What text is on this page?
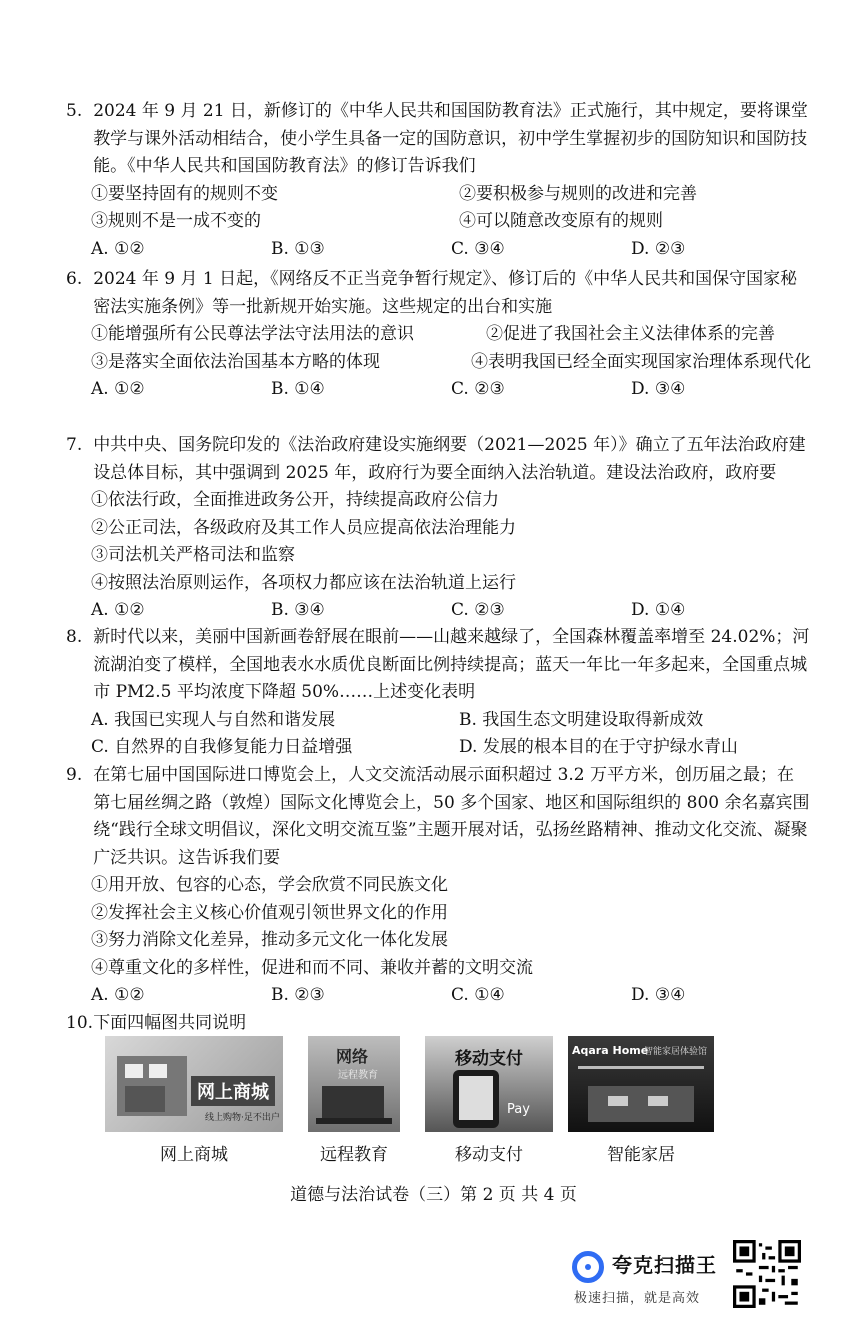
5. 2024 年 9 月 21 日，新修订的《中华人民共和国国防教育法》正式施行，其中规定，要将课堂教学与课外活动相结合，使小学生具备一定的国防意识，初中学生掌握初步的国防知识和国防技能。《中华人民共和国国防教育法》的修订告诉我们
①要坚持固有的规则不变	②要积极参与规则的改进和完善
③规则不是一成不变的	④可以随意改变原有的规则
A. ①②	B. ①③	C. ③④	D. ②③
6. 2024 年 9 月 1 日起，《网络反不正当竞争暂行规定》、修订后的《中华人民共和国保守国家秘密法实施条例》等一批新规开始实施。这些规定的出台和实施
①能增强所有公民尊法学法守法用法的意识	②促进了我国社会主义法律体系的完善
③是落实全面依法治国基本方略的体现	④表明我国已经全面实现国家治理体系现代化
A. ①②	B. ①④	C. ②③	D. ③④
7. 中共中央、国务院印发的《法治政府建设实施纲要（2021—2025 年）》确立了五年法治政府建设总体目标，其中强调到 2025 年，政府行为要全面纳入法治轨道。建设法治政府，政府要
①依法行政，全面推进政务公开，持续提高政府公信力
②公正司法，各级政府及其工作人员应提高依法治理能力
③司法机关严格司法和监察
④按照法治原则运作，各项权力都应该在法治轨道上运行
A. ①②	B. ③④	C. ②③	D. ①④
8. 新时代以来，美丽中国新画卷舒展在眼前——山越来越绿了，全国森林覆盖率增至 24.02%；河流湖泊变了模样，全国地表水水质优良断面比例持续提高；蓝天一年比一年多起来，全国重点城市 PM2.5 平均浓度下降超 50%……上述变化表明
A. 我国已实现人与自然和谐发展	B. 我国生态文明建设取得新成效
C. 自然界的自我修复能力日益增强	D. 发展的根本目的在于守护绿水青山
9. 在第七届中国国际进口博览会上，人文交流活动展示面积超过 3.2 万平方米，创历届之最；在第七届丝绸之路（敦煌）国际文化博览会上，50 多个国家、地区和国际组织的 800 余名嘉宾围绕“践行全球文明倡议，深化文明交流互鉴”主题开展对话，弘扬丝路精神、推动文化交流、凝聚广泛共识。这告诉我们要
①用开放、包容的心态，学会欣赏不同民族文化
②发挥社会主义核心价值观引领世界文化的作用
③努力消除文化差异，推动多元文化一体化发展
④尊重文化的多样性，促进和而不同、兼收并蓄的文明交流
A. ①②	B. ②③	C. ①④	D. ③④
10.下面四幅图共同说明
网上商城
线上购物·足不出户
网上商城
网络
远程教育
远程教育
移动支付
Pay
移动支付
Aqara Home
智能家居体验馆
智能家居
道德与法治试卷（三）第 2 页 共 4 页
夸克扫描王
极速扫描，就是高效
